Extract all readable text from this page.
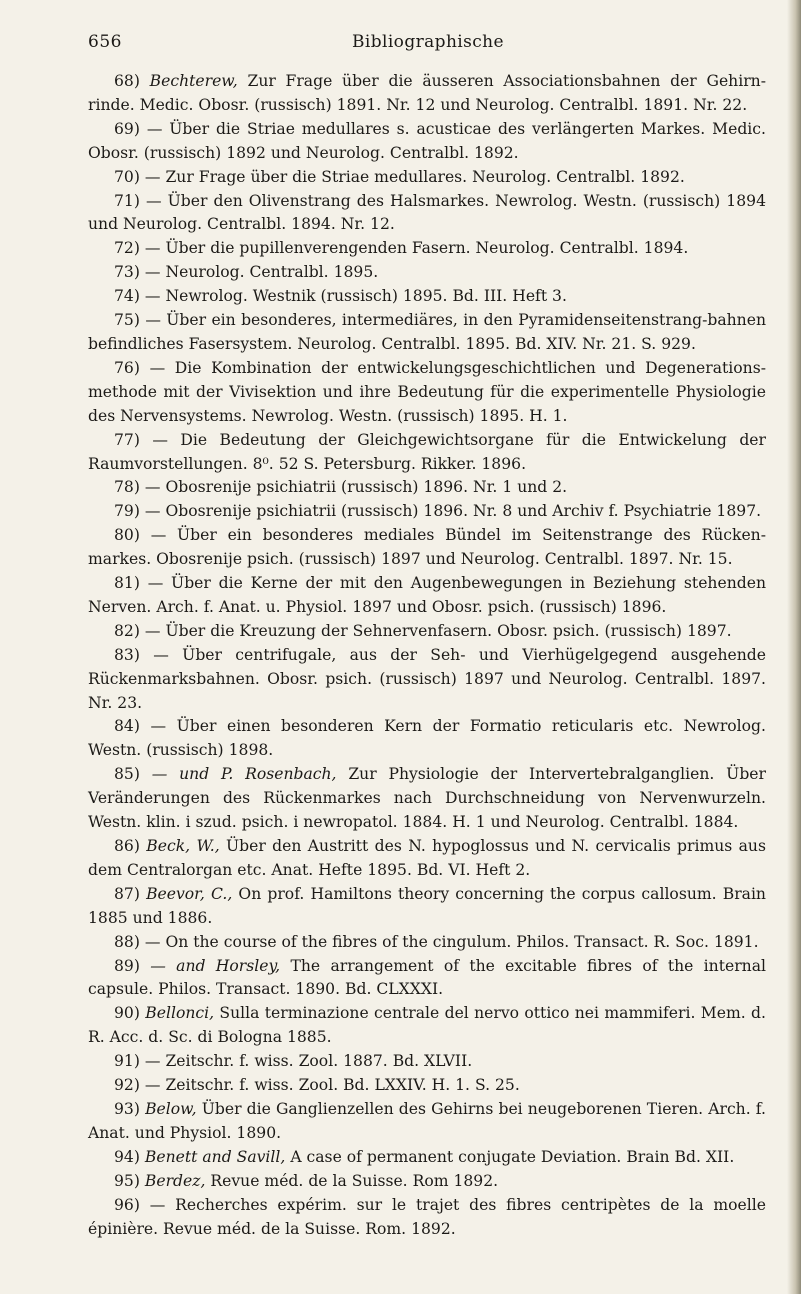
656	Bibliographische

68) Bechterew, Zur Frage über die äusseren Associationsbahnen der Gehirn-rinde. Medic. Obosr. (russisch) 1891. Nr. 12 und Neurolog. Centralbl. 1891. Nr. 22.

69) — Über die Striae medullares s. acusticae des verlängerten Markes. Medic. Obosr. (russisch) 1892 und Neurolog. Centralbl. 1892.

70) — Zur Frage über die Striae medullares. Neurolog. Centralbl. 1892.

71) — Über den Olivenstrang des Halsmarkes. Newrolog. Westn. (russisch) 1894 und Neurolog. Centralbl. 1894. Nr. 12.

72) — Über die pupillenverengenden Fasern. Neurolog. Centralbl. 1894.

73) — Neurolog. Centralbl. 1895.

74) — Newrolog. Westnik (russisch) 1895. Bd. III. Heft 3.

75) — Über ein besonderes, intermediäres, in den Pyramidenseitenstrang-bahnen befindliches Fasersystem. Neurolog. Centralbl. 1895. Bd. XIV. Nr. 21. S. 929.

76) — Die Kombination der entwickelungsgeschichtlichen und Degenerations-methode mit der Vivisektion und ihre Bedeutung für die experimentelle Physiologie des Nervensystems. Newrolog. Westn. (russisch) 1895. H. 1.

77) — Die Bedeutung der Gleichgewichtsorgane für die Entwickelung der Raumvorstellungen. 8⁰. 52 S. Petersburg. Rikker. 1896.

78) — Obosrenije psichiatrii (russisch) 1896. Nr. 1 und 2.

79) — Obosrenije psichiatrii (russisch) 1896. Nr. 8 und Archiv f. Psychiatrie 1897.

80) — Über ein besonderes mediales Bündel im Seitenstrange des Rücken-markes. Obosrenije psich. (russisch) 1897 und Neurolog. Centralbl. 1897. Nr. 15.

81) — Über die Kerne der mit den Augenbewegungen in Beziehung stehenden Nerven. Arch. f. Anat. u. Physiol. 1897 und Obosr. psich. (russisch) 1896.

82) — Über die Kreuzung der Sehnervenfasern. Obosr. psich. (russisch) 1897.

83) — Über centrifugale, aus der Seh- und Vierhügelgegend ausgehende Rückenmarksbahnen. Obosr. psich. (russisch) 1897 und Neurolog. Centralbl. 1897. Nr. 23.

84) — Über einen besonderen Kern der Formatio reticularis etc. Newrolog. Westn. (russisch) 1898.

85) — und P. Rosenbach, Zur Physiologie der Intervertebralganglien. Über Veränderungen des Rückenmarkes nach Durchschneidung von Nervenwurzeln. Westn. klin. i szud. psich. i newropatol. 1884. H. 1 und Neurolog. Centralbl. 1884.

86) Beck, W., Über den Austritt des N. hypoglossus und N. cervicalis primus aus dem Centralorgan etc. Anat. Hefte 1895. Bd. VI. Heft 2.

87) Beevor, C., On prof. Hamiltons theory concerning the corpus callosum. Brain 1885 und 1886.

88) — On the course of the fibres of the cingulum. Philos. Transact. R. Soc. 1891.

89) — and Horsley, The arrangement of the excitable fibres of the internal capsule. Philos. Transact. 1890. Bd. CLXXXI.

90) Bellonci, Sulla terminazione centrale del nervo ottico nei mammiferi. Mem. d. R. Acc. d. Sc. di Bologna 1885.

91) — Zeitschr. f. wiss. Zool. 1887. Bd. XLVII.

92) — Zeitschr. f. wiss. Zool. Bd. LXXIV. H. 1. S. 25.

93) Below, Über die Ganglienzellen des Gehirns bei neugeborenen Tieren. Arch. f. Anat. und Physiol. 1890.

94) Benett and Savill, A case of permanent conjugate Deviation. Brain Bd. XII.

95) Berdez, Revue méd. de la Suisse. Rom 1892.

96) — Recherches expérim. sur le trajet des fibres centripètes de la moelle épinière. Revue méd. de la Suisse. Rom. 1892.
